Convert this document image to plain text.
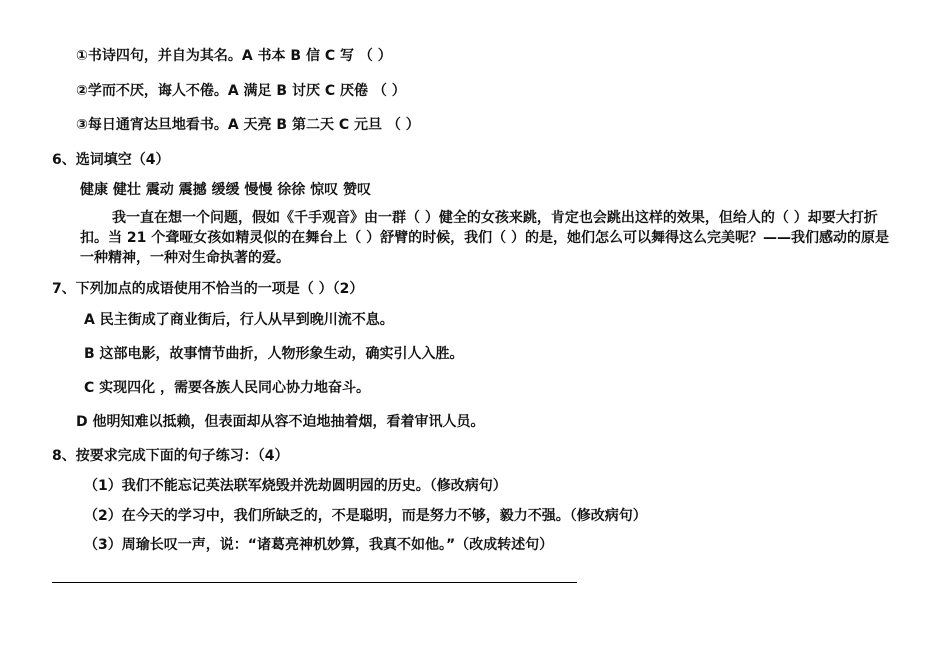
①书诗四句，并自为其名。A 书本 B 信 C 写 （ ）
②学而不厌，诲人不倦。A 满足 B 讨厌 C 厌倦 （ ）
③每日通宵达旦地看书。A 天亮 B 第二天 C 元旦 （ ）
6、选词填空（4）
健康 健壮 震动 震撼 缓缓 慢慢 徐徐 惊叹 赞叹
我一直在想一个问题，假如《千手观音》由一群（ ）健全的女孩来跳，肯定也会跳出这样的效果，但给人的（ ）却要大打折扣。当 21 个聋哑女孩如精灵似的在舞台上（ ）舒臂的时候，我们（ ）的是，她们怎么可以舞得这么完美呢？——我们感动的原是一种精神，一种对生命执著的爱。
7、下列加点的成语使用不恰当的一项是（ ）（2）
A 民主街成了商业街后，行人从早到晚川流不息。
B 这部电影，故事情节曲折，人物形象生动，确实引人入胜。
C 实现四化 ，需要各族人民同心协力地奋斗。
D 他明知难以抵赖，但表面却从容不迫地抽着烟，看着审讯人员。
8、按要求完成下面的句子练习：（4）
（1）我们不能忘记英法联军烧毁并洗劫圆明园的历史。（修改病句）
（2）在今天的学习中，我们所缺乏的，不是聪明，而是努力不够，毅力不强。（修改病句）
（3）周瑜长叹一声，说：“诸葛亮神机妙算，我真不如他。”（改成转述句）
